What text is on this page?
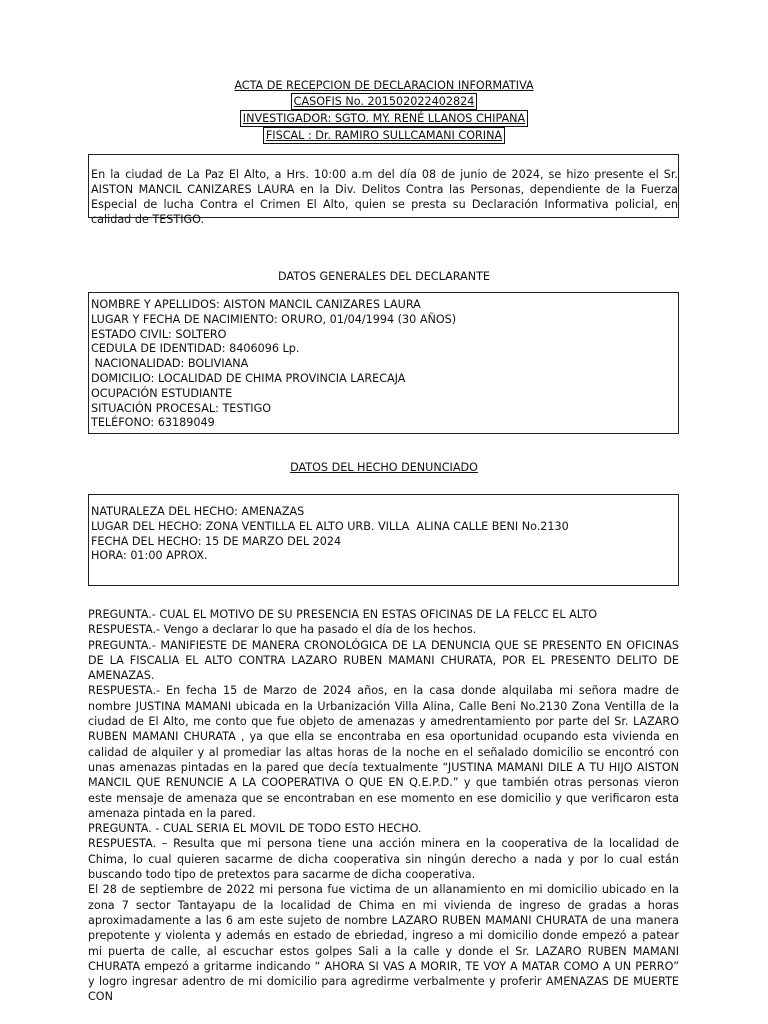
ACTA DE RECEPCION DE DECLARACION INFORMATIVA
CASOFIS No. 201502022402824
INVESTIGADOR: SGTO. MY. RENÉ LLANOS CHIPANA
FISCAL : Dr. RAMIRO SULLCAMANI CORINA

En la ciudad de La Paz El Alto, a Hrs. 10:00 a.m del día 08 de junio de 2024, se hizo presente el Sr. AISTON MANCIL CANIZARES LAURA en la Div. Delitos Contra las Personas, dependiente de la Fuerza Especial de lucha Contra el Crimen El Alto, quien se presta su Declaración Informativa policial, en calidad de TESTIGO.

DATOS GENERALES DEL DECLARANTE
NOMBRE Y APELLIDOS: AISTON MANCIL CANIZARES LAURA
LUGAR Y FECHA DE NACIMIENTO: ORURO, 01/04/1994 (30 AÑOS)
ESTADO CIVIL: SOLTERO
CEDULA DE IDENTIDAD: 8406096 Lp.
NACIONALIDAD: BOLIVIANA
DOMICILIO: LOCALIDAD DE CHIMA PROVINCIA LARECAJA
OCUPACIÓN ESTUDIANTE
SITUACIÓN PROCESAL: TESTIGO
TELÉFONO: 63189049
DATOS DEL HECHO DENUNCIADO
NATURALEZA DEL HECHO: AMENAZAS
LUGAR DEL HECHO: ZONA VENTILLA EL ALTO URB. VILLA  ALINA CALLE BENI No.2130
FECHA DEL HECHO: 15 DE MARZO DEL 2024
HORA: 01:00 APROX.

PREGUNTA.- CUAL EL MOTIVO DE SU PRESENCIA EN ESTAS OFICINAS DE LA FELCC EL ALTO

RESPUESTA.- Vengo a declarar lo que ha pasado el día de los hechos.

PREGUNTA.- MANIFIESTE DE MANERA CRONOLÓGICA DE LA DENUNCIA QUE SE PRESENTO EN OFICINAS DE LA FISCALIA EL ALTO CONTRA LAZARO RUBEN MAMANI CHURATA, POR EL PRESENTO DELITO DE AMENAZAS.

RESPUESTA.- En fecha 15 de Marzo de 2024 años, en la casa donde alquilaba mi señora madre de nombre JUSTINA MAMANI ubicada en la Urbanización Villa Alina, Calle Beni No.2130 Zona Ventilla de la ciudad de El Alto, me conto que fue objeto de amenazas y amedrentamiento por parte del Sr. LAZARO RUBEN MAMANI CHURATA , ya que ella se encontraba en esa oportunidad ocupando esta vivienda en calidad de alquiler y al promediar las altas horas de la noche en el señalado domicilio se encontró con unas amenazas pintadas en la pared que decía textualmente “JUSTINA MAMANI DILE A TU HIJO AISTON MANCIL QUE RENUNCIE A LA COOPERATIVA O QUE EN Q.E.P.D.” y que también otras personas vieron este mensaje de amenaza que se encontraban en ese momento en ese domicilio y que verificaron esta amenaza pintada en la pared.

PREGUNTA. - CUAL SERIA EL MOVIL DE TODO ESTO HECHO.

RESPUESTA. – Resulta que mi persona tiene una acción minera en la cooperativa de la localidad de Chima, lo cual quieren sacarme de dicha cooperativa sin ningún derecho a nada y por lo cual están buscando todo tipo de pretextos para sacarme de dicha cooperativa.

El 28 de septiembre de 2022 mi persona fue victima de un allanamiento en mi domicilio ubicado en la zona 7 sector Tantayapu de la localidad de Chima en mi vivienda de ingreso de gradas a horas aproximadamente a las 6 am este sujeto de nombre LAZARO RUBEN MAMANI CHURATA de una manera prepotente y violenta y además en estado de ebriedad, ingreso a mi domicilio donde empezó a patear mi puerta de calle, al escuchar estos golpes Sali a la calle y donde el Sr. LAZARO RUBEN MAMANI CHURATA empezó a gritarme indicando “ AHORA SI VAS A MORIR, TE VOY A MATAR COMO A UN PERRO” y logro ingresar adentro de mi domicilio para agredirme verbalmente y proferir AMENAZAS DE MUERTE CON
